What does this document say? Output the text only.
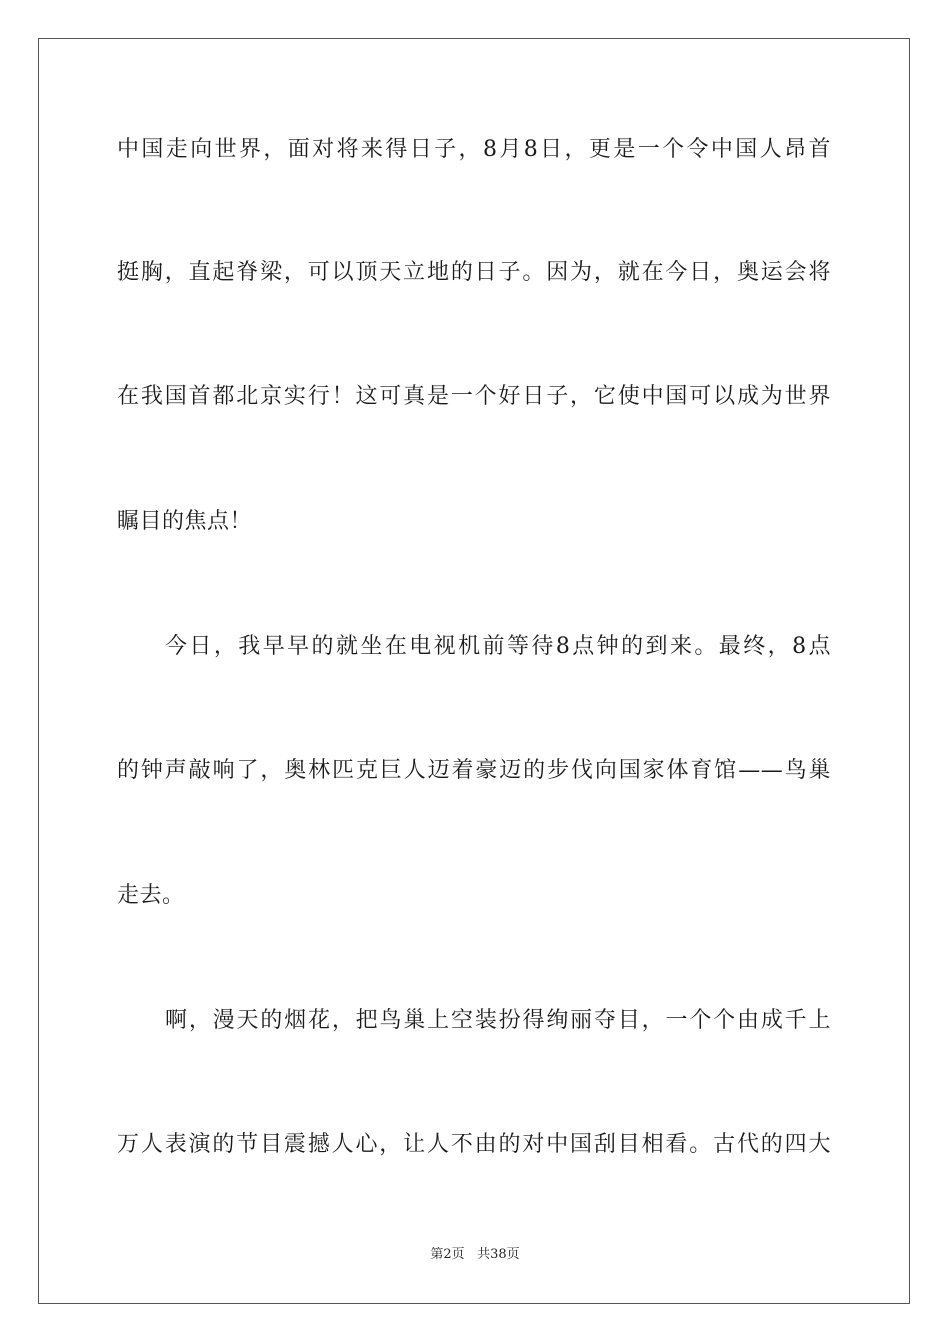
中国走向世界，面对将来得日子，8月8日，更是一个令中国人昂首
挺胸，直起脊梁，可以顶天立地的日子。因为，就在今日，奥运会将
在我国首都北京实行！这可真是一个好日子，它使中国可以成为世界
瞩目的焦点！
今日，我早早的就坐在电视机前等待8点钟的到来。最终，8点
的钟声敲响了，奥林匹克巨人迈着豪迈的步伐向国家体育馆——鸟巢
走去。
啊，漫天的烟花，把鸟巢上空装扮得绚丽夺目，一个个由成千上
万人表演的节目震撼人心，让人不由的对中国刮目相看。古代的四大
第2页 共38页
